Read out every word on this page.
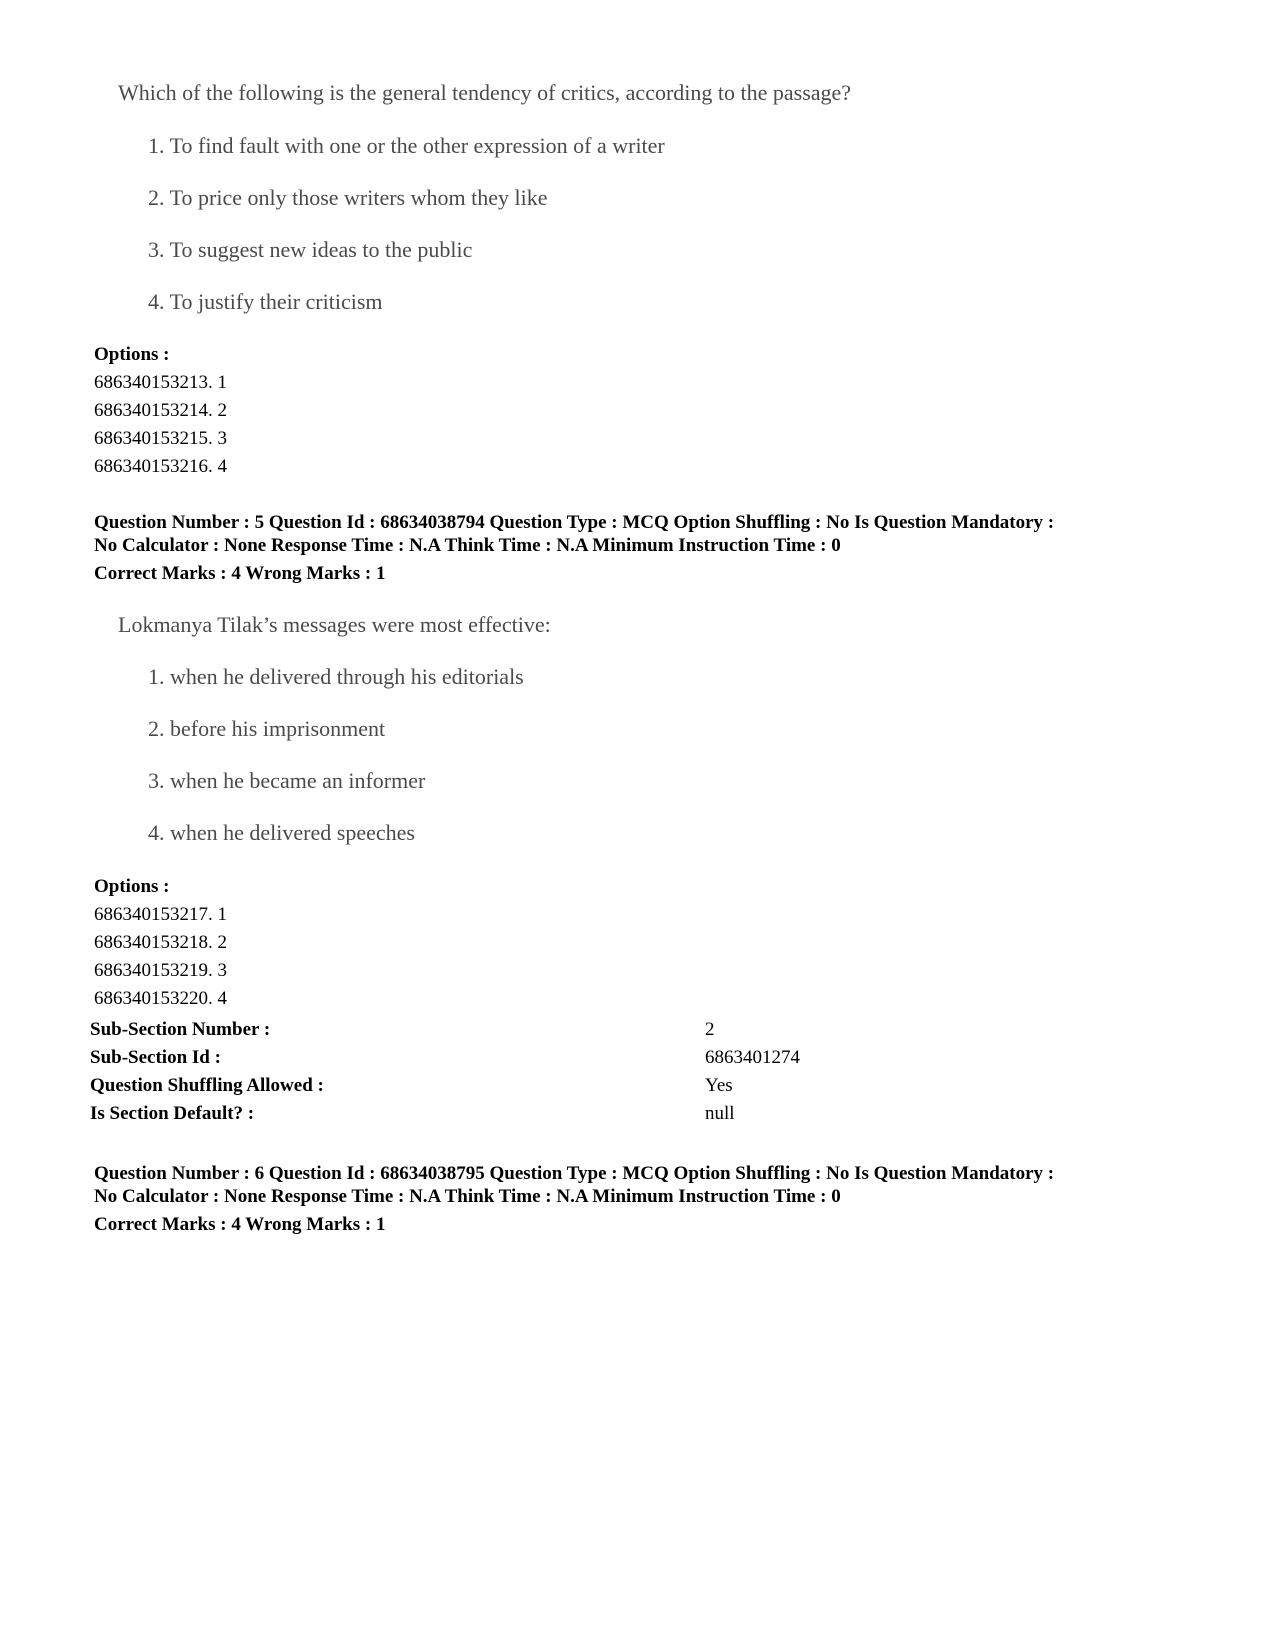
Which of the following is the general tendency of critics, according to the passage?
1. To find fault with one or the other expression of a writer
2. To price only those writers whom they like
3. To suggest new ideas to the public
4. To justify their criticism
Options :
686340153213. 1
686340153214. 2
686340153215. 3
686340153216. 4
Question Number : 5 Question Id : 68634038794 Question Type : MCQ Option Shuffling : No Is Question Mandatory :
No Calculator : None Response Time : N.A Think Time : N.A Minimum Instruction Time : 0
Correct Marks : 4 Wrong Marks : 1
Lokmanya Tilak’s messages were most effective:
1. when he delivered through his editorials
2. before his imprisonment
3. when he became an informer
4. when he delivered speeches
Options :
686340153217. 1
686340153218. 2
686340153219. 3
686340153220. 4
Sub-Section Number :	2
Sub-Section Id :	6863401274
Question Shuffling Allowed :	Yes
Is Section Default? :	null
Question Number : 6 Question Id : 68634038795 Question Type : MCQ Option Shuffling : No Is Question Mandatory :
No Calculator : None Response Time : N.A Think Time : N.A Minimum Instruction Time : 0
Correct Marks : 4 Wrong Marks : 1
